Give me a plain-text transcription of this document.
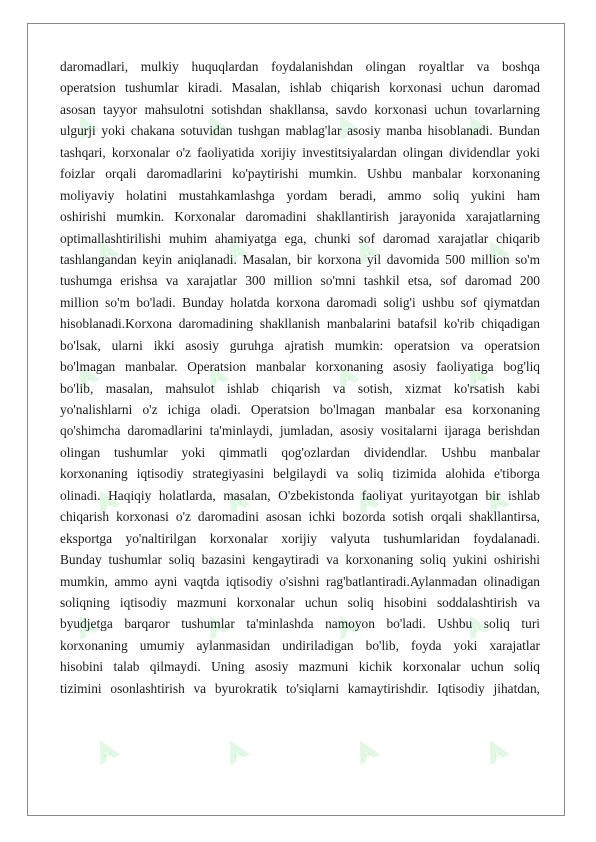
daromadlari, mulkiy huquqlardan foydalanishdan olingan royaltlar va boshqa
operatsion tushumlar kiradi. Masalan, ishlab chiqarish korxonasi uchun daromad
asosan tayyor mahsulotni sotishdan shakllansa, savdo korxonasi uchun tovarlarning
ulgurji yoki chakana sotuvidan tushgan mablag'lar asosiy manba hisoblanadi. Bundan
tashqari, korxonalar o'z faoliyatida xorijiy investitsiyalardan olingan dividendlar yoki
foizlar orqali daromadlarini ko'paytirishi mumkin. Ushbu manbalar korxonaning
moliyaviy holatini mustahkamlashga yordam beradi, ammo soliq yukini ham
oshirishi mumkin. Korxonalar daromadini shakllantirish jarayonida xarajatlarning
optimallashtirilishi muhim ahamiyatga ega, chunki sof daromad xarajatlar chiqarib
tashlangandan keyin aniqlanadi. Masalan, bir korxona yil davomida 500 million so'm
tushumga erishsa va xarajatlar 300 million so'mni tashkil etsa, sof daromad 200
million so'm bo'ladi. Bunday holatda korxona daromadi solig'i ushbu sof qiymatdan
hisoblanadi.Korxona daromadining shakllanish manbalarini batafsil ko'rib chiqadigan
bo'lsak, ularni ikki asosiy guruhga ajratish mumkin: operatsion va operatsion
bo'lmagan manbalar. Operatsion manbalar korxonaning asosiy faoliyatiga bog'liq
bo'lib, masalan, mahsulot ishlab chiqarish va sotish, xizmat ko'rsatish kabi
yo'nalishlarni o'z ichiga oladi. Operatsion bo'lmagan manbalar esa korxonaning
qo'shimcha daromadlarini ta'minlaydi, jumladan, asosiy vositalarni ijaraga berishdan
olingan tushumlar yoki qimmatli qog'ozlardan dividendlar. Ushbu manbalar
korxonaning iqtisodiy strategiyasini belgilaydi va soliq tizimida alohida e'tiborga
olinadi. Haqiqiy holatlarda, masalan, O'zbekistonda faoliyat yuritayotgan bir ishlab
chiqarish korxonasi o'z daromadini asosan ichki bozorda sotish orqali shakllantirsa,
eksportga yo'naltirilgan korxonalar xorijiy valyuta tushumlaridan foydalanadi.
Bunday tushumlar soliq bazasini kengaytiradi va korxonaning soliq yukini oshirishi
mumkin, ammo ayni vaqtda iqtisodiy o'sishni rag'batlantiradi.Aylanmadan olinadigan
soliqning iqtisodiy mazmuni korxonalar uchun soliq hisobini soddalashtirish va
byudjetga barqaror tushumlar ta'minlashda namoyon bo'ladi. Ushbu soliq turi
korxonaning umumiy aylanmasidan undiriladigan bo'lib, foyda yoki xarajatlar
hisobini talab qilmaydi. Uning asosiy mazmuni kichik korxonalar uchun soliq
tizimini osonlashtirish va byurokratik to'siqlarni kamaytirishdir. Iqtisodiy jihatdan,
